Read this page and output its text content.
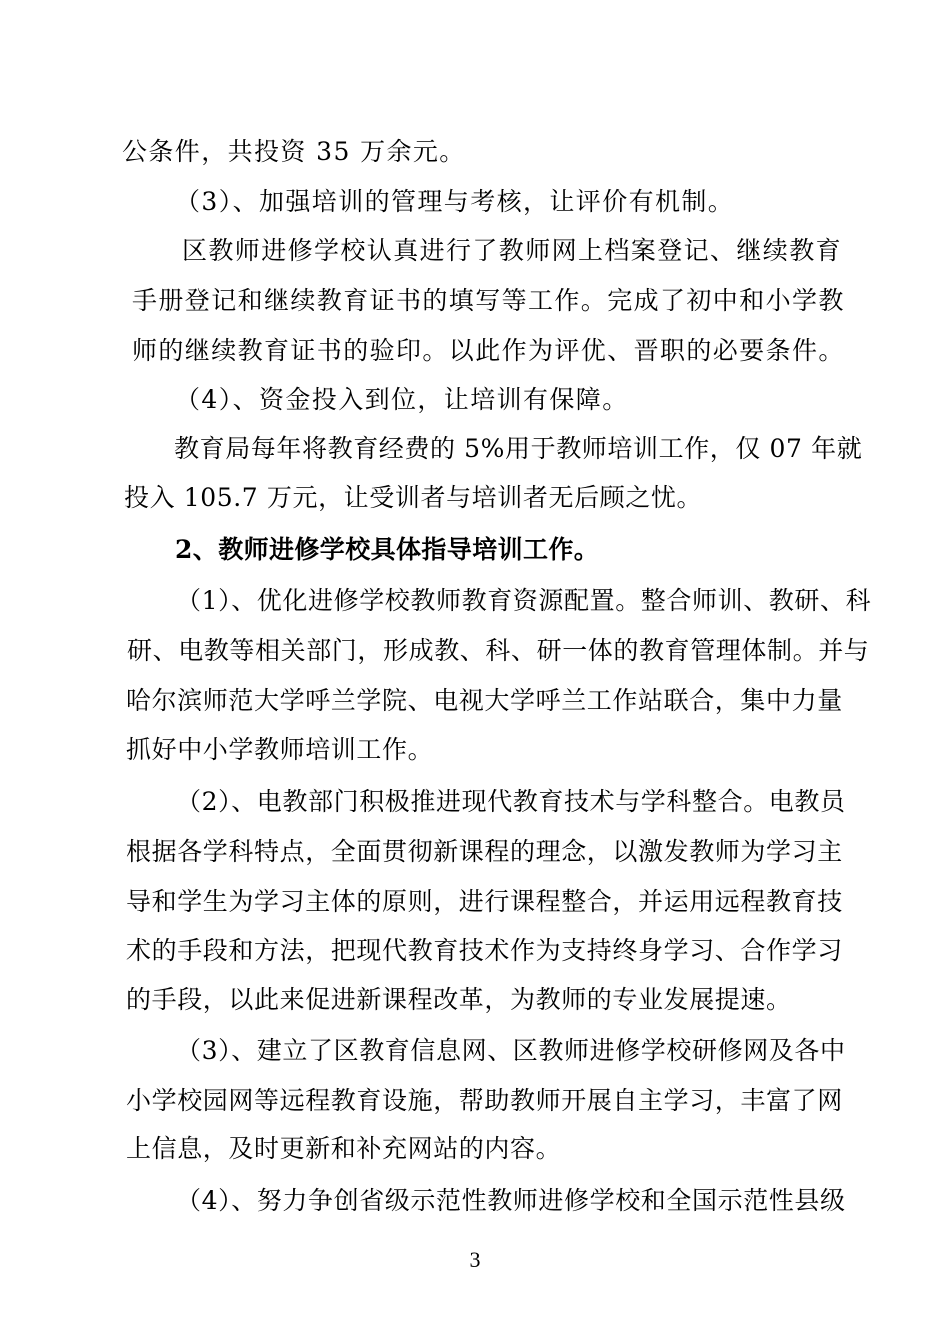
公条件，共投资 35 万余元。
（3）、加强培训的管理与考核，让评价有机制。
区教师进修学校认真进行了教师网上档案登记、继续教育
手册登记和继续教育证书的填写等工作。完成了初中和小学教
师的继续教育证书的验印。以此作为评优、晋职的必要条件。
（4）、资金投入到位，让培训有保障。
教育局每年将教育经费的 5%用于教师培训工作，仅 07 年就
投入 105.7 万元，让受训者与培训者无后顾之忧。
2、教师进修学校具体指导培训工作。
（1）、优化进修学校教师教育资源配置。整合师训、教研、科
研、电教等相关部门，形成教、科、研一体的教育管理体制。并与
哈尔滨师范大学呼兰学院、电视大学呼兰工作站联合，集中力量
抓好中小学教师培训工作。
（2）、电教部门积极推进现代教育技术与学科整合。电教员
根据各学科特点，全面贯彻新课程的理念，以激发教师为学习主
导和学生为学习主体的原则，进行课程整合，并运用远程教育技
术的手段和方法，把现代教育技术作为支持终身学习、合作学习
的手段，以此来促进新课程改革，为教师的专业发展提速。
（3）、建立了区教育信息网、区教师进修学校研修网及各中
小学校园网等远程教育设施，帮助教师开展自主学习，丰富了网
上信息，及时更新和补充网站的内容。
（4）、努力争创省级示范性教师进修学校和全国示范性县级
3
